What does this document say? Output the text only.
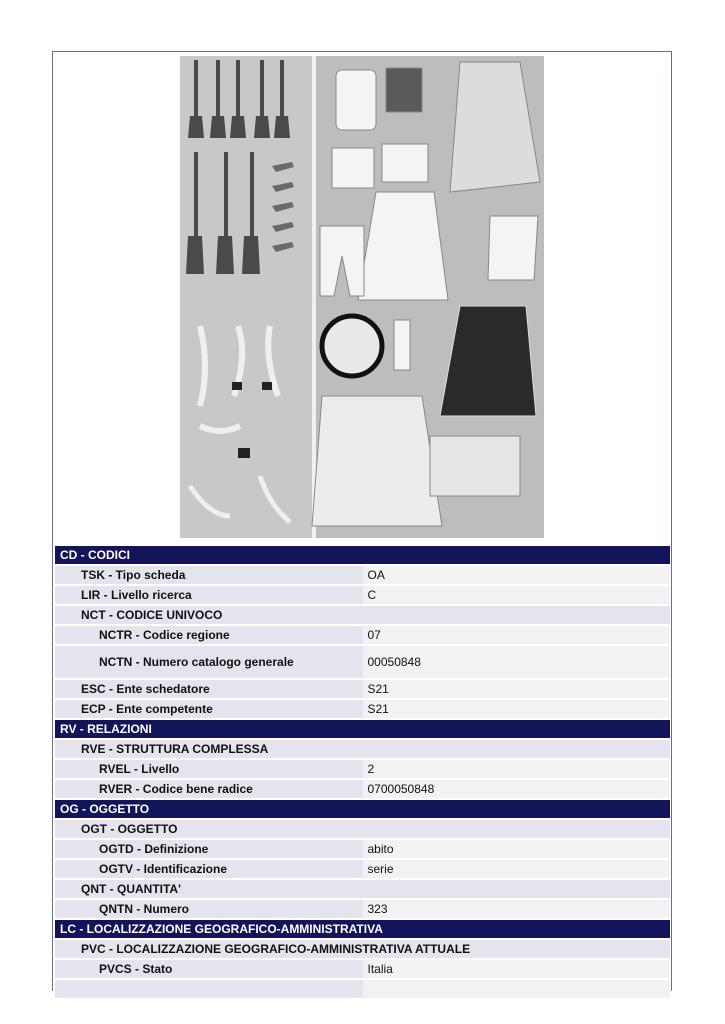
CD - CODICI	
TSK - Tipo scheda	OA
LIR - Livello ricerca	C
NCT - CODICE UNIVOCO	
NCTR - Codice regione	07
NCTN - Numero catalogo generale	00050848
ESC - Ente schedatore	S21
ECP - Ente competente	S21
RV - RELAZIONI	
RVE - STRUTTURA COMPLESSA	
RVEL - Livello	2
RVER - Codice bene radice	0700050848
OG - OGGETTO	
OGT - OGGETTO	
OGTD - Definizione	abito
OGTV - Identificazione	serie
QNT - QUANTITA'	
QNTN - Numero	323
LC - LOCALIZZAZIONE GEOGRAFICO-AMMINISTRATIVA	
PVC - LOCALIZZAZIONE GEOGRAFICO-AMMINISTRATIVA ATTUALE	
PVCS - Stato	Italia
